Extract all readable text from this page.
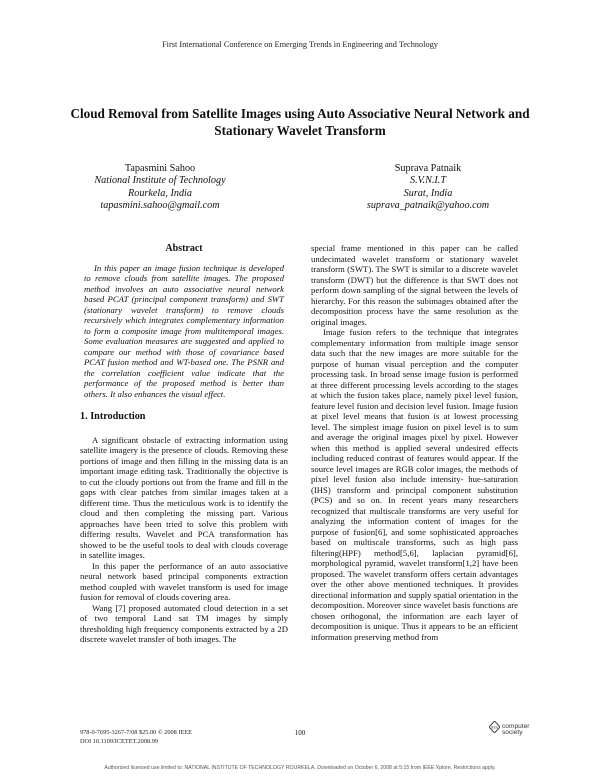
First International Conference on Emerging Trends in Engineering and Technology
Cloud Removal from Satellite Images using Auto Associative Neural Network and Stationary Wavelet Transform
Tapasmini Sahoo
National Institute of Technology
Rourkela, India
tapasmini.sahoo@gmail.com
Suprava Patnaik
S.V.N.I.T
Surat, India
suprava_patnaik@yahoo.com
Abstract
In this paper an image fusion technique is developed to remove clouds from satellite images. The proposed method involves an auto associative neural network based PCAT (principal component transform) and SWT (stationary wavelet transform) to remove clouds recursively which integrates complementary information to form a composite image from multitemporal images. Some evaluation measures are suggested and applied to compare our method with those of covariance based PCAT fusion method and WT-based one. The PSNR and the correlation coefficient value indicate that the performance of the proposed method is better than others. It also enhances the visual effect.
1. Introduction

A significant obstacle of extracting information using satellite imagery is the presence of clouds. Removing these portions of image and then filling in the missing data is an important image editing task. Traditionally the objective is to cut the cloudy portions out from the frame and fill in the gaps with clear patches from similar images taken at a different time. Thus the meticulous work is to identify the cloud and then completing the missing part. Various approaches have been tried to solve this problem with differing results. Wavelet and PCA transformation has showed to be the useful tools to deal with clouds coverage in satellite images.

In this paper the performance of an auto associative neural network based principal components extraction method coupled with wavelet transform is used for image fusion for removal of clouds covering area.

Wang [7] proposed automated cloud detection in a set of two temporal Land sat TM images by simply thresholding high frequency components extracted by a 2D discrete wavelet transfer of both images. The

special frame mentioned in this paper can be called undecimated wavelet transform or stationary wavelet transform (SWT). The SWT is similar to a discrete wavelet transform (DWT) but the difference is that SWT does not perform down sampling of the signal between the levels of hierarchy. For this reason the subimages obtained after the decomposition process have the same resolution as the original images.

Image fusion refers to the technique that integrates complementary information from multiple image sensor data such that the new images are more suitable for the purpose of human visual perception and the computer processing task. In broad sense image fusion is performed at three different processing levels according to the stages at which the fusion takes place, namely pixel level fusion, feature level fusion and decision level fusion. Image fusion at pixel level means that fusion is at lowest processing level. The simplest image fusion on pixel level is to sum and average the original images pixel by pixel. However when this method is applied several undesired effects including reduced contrast of features would appear. If the source level images are RGB color images, the methods of pixel level fusion also include intensity- hue-saturation (IHS) transform and principal component substitution (PCS) and so on. In recent years many researchers recognized that multiscale transforms are very useful for analyzing the information content of images for the purpose of fusion[6], and some sophisticated approaches based on multiscale transforms, such as high pass filtering(HPF) method[5,6], laplacian pyramid[6], morphological pyramid, wavelet transform[1,2] have been proposed. The wavelet transform offers certain advantages over the other above mentioned techniques. It provides directional information and supply spatial orientation in the decomposition. Moreover since wavelet basis functions are chosen orthogonal, the information are each layer of decomposition is unique. Thus it appears to be an efficient information preserving method from

978-0-7695-3267-7/08 $25.00 © 2008 IEEE
DOI 10.1109/ICETET.2008.99
100
IEEE computer
society
Authorized licensed use limited to: NATIONAL INSTITUTE OF TECHNOLOGY ROURKELA. Downloaded on October 6, 2008 at 5:15 from IEEE Xplore. Restrictions apply.
